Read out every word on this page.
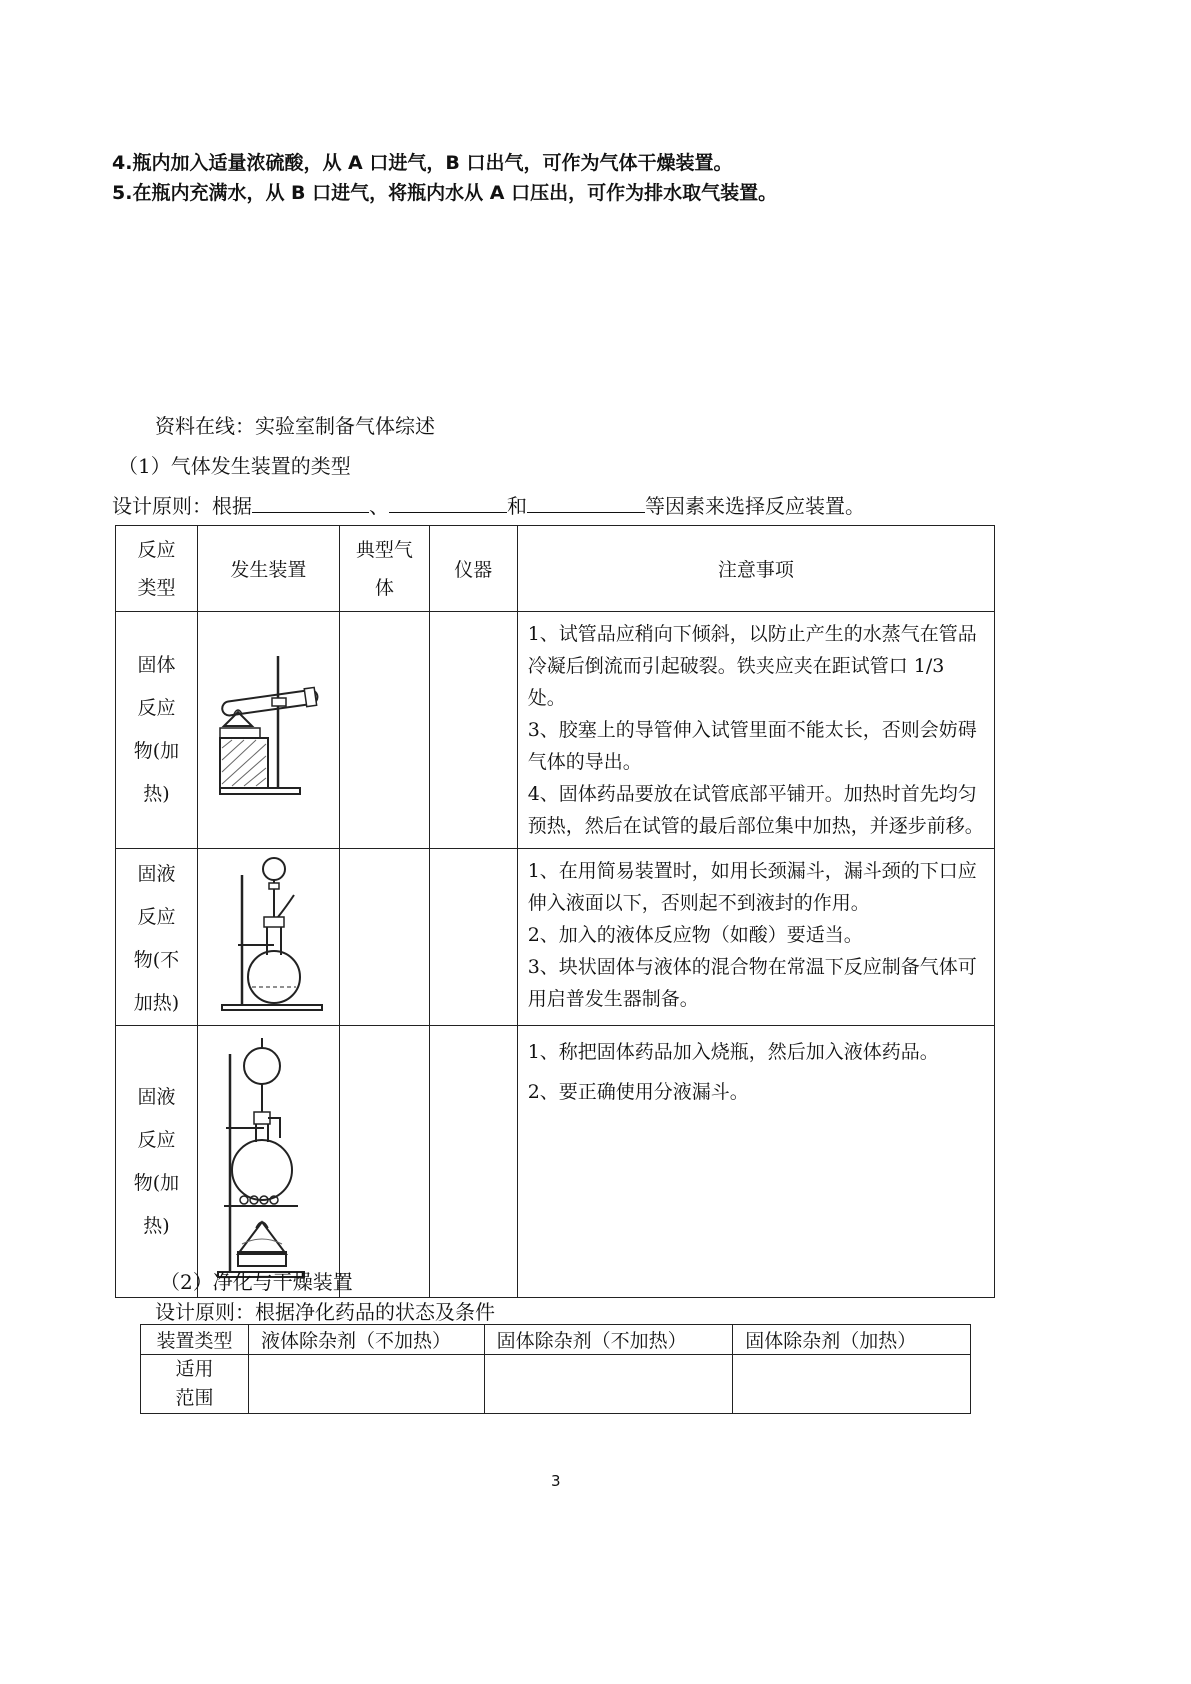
4.瓶内加入适量浓硫酸，从 A 口进气，B 口出气，可作为气体干燥装置。
5.在瓶内充满水，从 B 口进气，将瓶内水从 A 口压出，可作为排水取气装置。
资料在线：实验室制备气体综述
（1）气体发生装置的类型
设计原则：根据	、	和	等因素来选择反应装置。
反应类型	发生装置	典型气体	仪器	注意事项
固体反应物(加热)				1、试管品应稍向下倾斜，以防止产生的水蒸气在管品冷凝后倒流而引起破裂。铁夹应夹在距试管口 1/3 处。

3、胶塞上的导管伸入试管里面不能太长，否则会妨碍气体的导出。

4、固体药品要放在试管底部平铺开。加热时首先均匀预热，然后在试管的最后部位集中加热，并逐步前移。

固液反应物(不加热)				1、在用简易装置时，如用长颈漏斗，漏斗颈的下口应伸入液面以下，否则起不到液封的作用。

2、加入的液体反应物（如酸）要适当。

3、块状固体与液体的混合物在常温下反应制备气体可用启普发生器制备。

固液反应物(加热)				1、称把固体药品加入烧瓶，然后加入液体药品。

2、要正确使用分液漏斗。

（2）净化与干燥装置
设计原则：根据净化药品的状态及条件
装置类型	液体除杂剂（不加热）	固体除杂剂（不加热）	固体除杂剂（加热）
适用范围			
3
